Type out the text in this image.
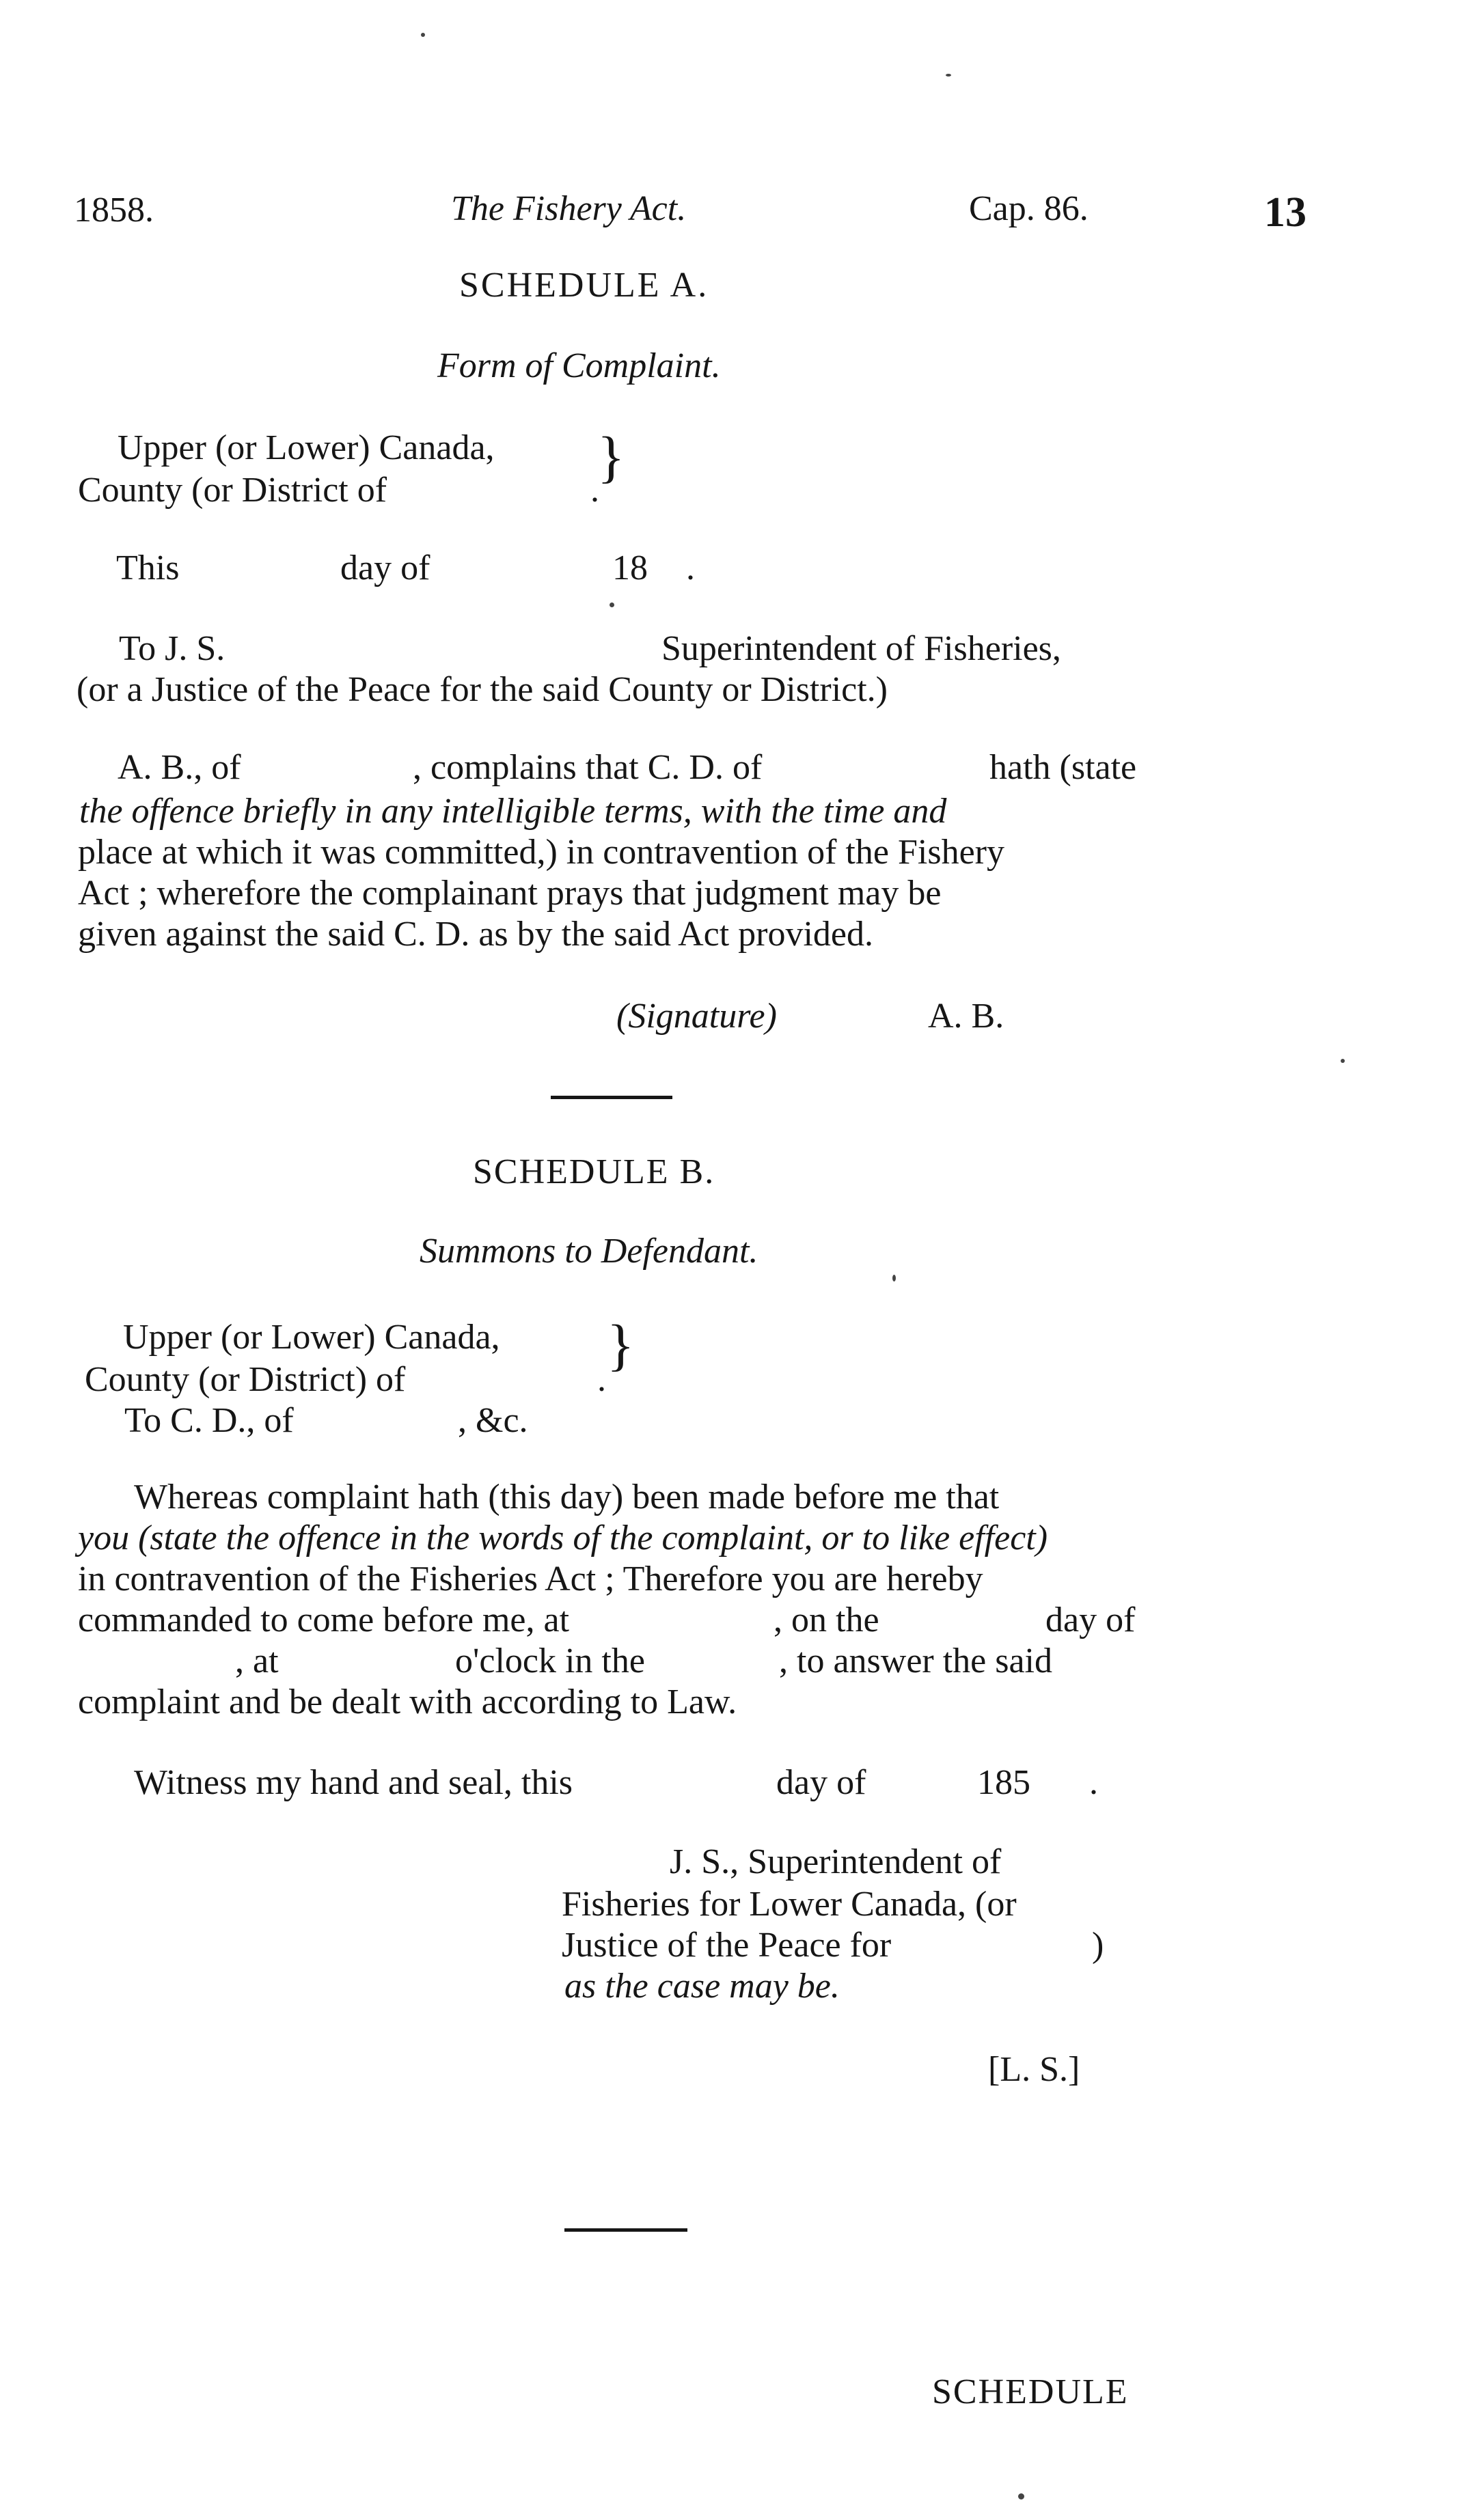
1858.	The Fishery Act.	Cap. 86.	13
SCHEDULE A.
Form of Complaint.
Upper (or Lower) Canada,
County (or District of	.
}
This	day of	18 .
To J. S.	Superintendent of Fisheries,
(or a Justice of the Peace for the said County or District.)
A. B., of	, complains that C. D. of	hath (state
the offence briefly in any intelligible terms, with the time and
place at which it was committed,) in contravention of the Fishery
Act ; wherefore the complainant prays that judgment may be
given against the said C. D. as by the said Act provided.
(Signature)	A. B.
SCHEDULE B.
Summons to Defendant.
Upper (or Lower) Canada,
County (or District) of	.
}
To C. D., of	, &c.
Whereas complaint hath (this day) been made before me that
you (state the offence in the words of the complaint, or to like effect)
in contravention of the Fisheries Act ; Therefore you are hereby
commanded to come before me, at	, on the	day of
, at	o'clock in the	, to answer the said
complaint and be dealt with according to Law.
Witness my hand and seal, this	day of	185 .
J. S., Superintendent of
Fisheries for Lower Canada, (or
Justice of the Peace for	)
as the case may be.
[L. S.]
SCHEDULE
